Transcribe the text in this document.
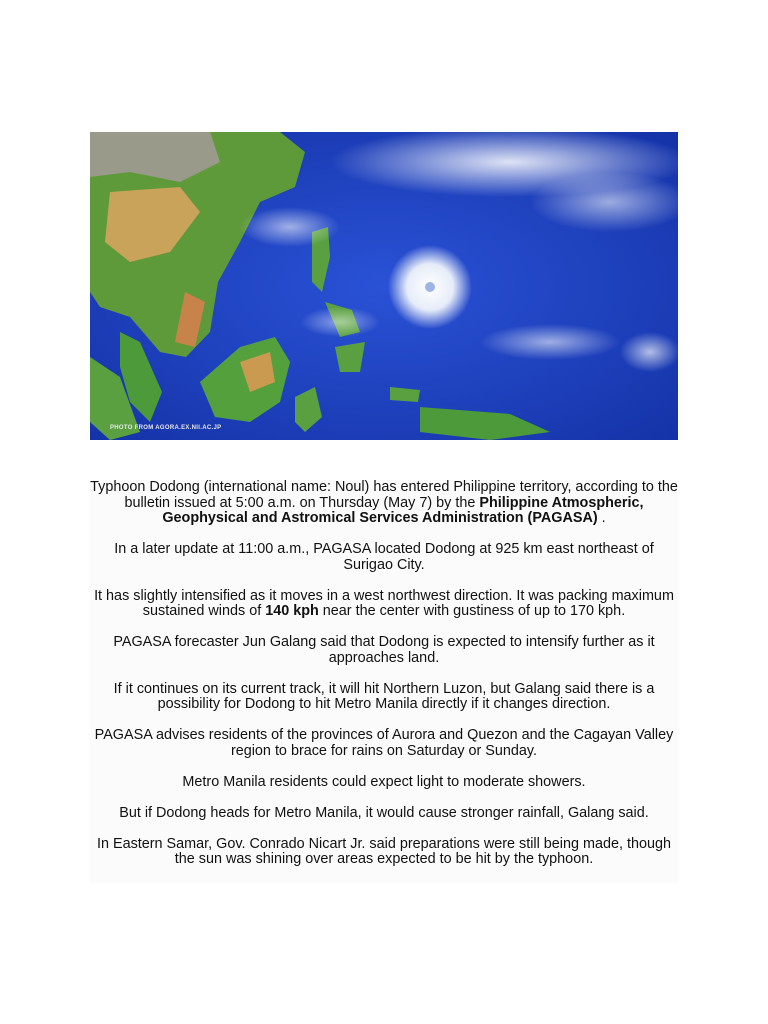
PHOTO FROM AGORA.EX.NII.AC.JP

Typhoon Dodong (international name: Noul) has entered Philippine territory, according to the bulletin issued at 5:00 a.m. on Thursday (May 7) by the Philippine Atmospheric, Geophysical and Astromical Services Administration (PAGASA) .

In a later update at 11:00 a.m., PAGASA located Dodong at 925 km east northeast of Surigao City.

It has slightly intensified as it moves in a west northwest direction. It was packing maximum sustained winds of 140 kph near the center with gustiness of up to 170 kph.

PAGASA forecaster Jun Galang said that Dodong is expected to intensify further as it approaches land.

If it continues on its current track, it will hit Northern Luzon, but Galang said there is a possibility for Dodong to hit Metro Manila directly if it changes direction.

PAGASA advises residents of the provinces of Aurora and Quezon and the Cagayan Valley region to brace for rains on Saturday or Sunday.

Metro Manila residents could expect light to moderate showers.

But if Dodong heads for Metro Manila, it would cause stronger rainfall, Galang said.

In Eastern Samar, Gov. Conrado Nicart Jr. said preparations were still being made, though the sun was shining over areas expected to be hit by the typhoon.
